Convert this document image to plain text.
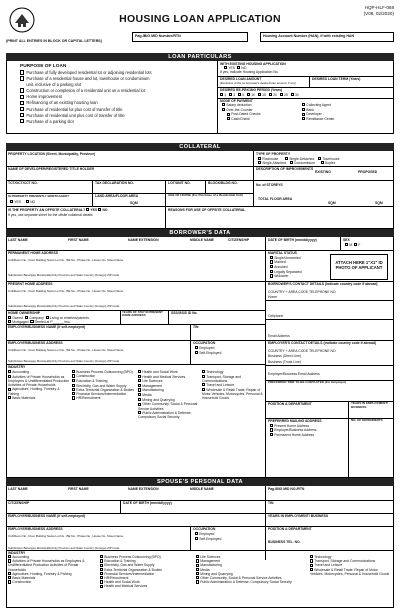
HOUSING LOAN APPLICATION
HQP-HLF-068
(V08, 02/2020)
(PRINT ALL ENTRIES IN BLOCK OR CAPITAL LETTERS)
Pag-IBIG MID Number/RTN	Housing Account Number (HAN), if with existing HAN
LOAN PARTICULARS
PURPOSE OF LOAN
Purchase of fully developed residential lot or adjoining residential lots
Purchase of a residential house and lot, townhouse or condominium
unit, inclusive of a parking slot
Construction or completion of a residential unit on a residential lot
Home improvement
Refinancing of an existing housing loan
Purchase of residential lot plus cost of transfer of title
Purchase of residential unit plus cost of transfer of title
Purchase of a parking slot
WITH EXISTING HOUSING APPLICATION
YES NO
If yes, indicate Housing Application No.
DESIRED LOAN AMOUNT
(Exclusive of the co-borrower's desired loan amount, if any)
DESIRED LOAN TERM (Years)
DESIRED RE-PRICING PERIOD (Years)
1 3 5 10 15 20 25 30
MODE OF PAYMENT
Salary deduction
Over-the-Counter
Post-Dated Checks
Cash/Check
Collecting Agent
Bank
Developer
Remittance Center
COLLATERAL
PROPERTY LOCATION (Street, Municipality, Province)	TYPE OF PROPERTY
Rowhouse	Single-Detached Townhouse
Single Attached Condominium	Duplex
NAME OF DEVELOPER/REGISTERED TITLE HOLDER	DESCRIPTION OF IMPROVEMENTS
EXISTING	PROPOSED
TCT/OCT/CCT NO.	TAX DECLARATION NO.	LOT/UNIT NO.	BLOCK/BLDG NO.	No. of STOREYS
IS PROPERTY PRESENTLY MORTGAGED?
YES	NO
LAND AREA/FLOOR AREA
SQM
AGE OF HOUSE (For Purchase of a Residential Unit)
TOTAL FLOOR AREA
SQM	SQM
IS THE PROPERTY AN OFFSITE COLLATERAL? YES NO
If yes, use separate sheet for the offsite collateral details
REASONS FOR USE OF OFFSITE COLLATERAL
BORROWER'S DATA
LAST NAME	FIRST NAME	NAME EXTENSION	MIDDLE NAME	CITIZENSHIP	DATE OF BIRTH (mm/dd/yyyy)	SEX
M F
PERMANENT HOME ADDRESS
Unit/Room No., Floor Building Name Lot No., Blk No., Phase No., House No. Street Name
Subdivision Barangay Municipality/City Province and State Country (Foreign) ZIP Code
MARITAL STATUS
Single/Unmarried
Married
Annulled
Legally Separated
Widow/er
ATTACH HERE 1"X1" ID PHOTO OF APPLICANT
PRESENT HOME ADDRESS
Unit/Room No., Floor Building Name Lot No., Blk No., Phase No., House No. Street Name
Subdivision Barangay Municipality/City Province and State Country (Foreign) ZIP Code
BORROWER'S CONTACT DETAILS (Indicate country code if abroad)
COUNTRY + AREA CODE TELEPHONE NO.
Home
Cellphone
Email Address
HOME OWNERSHIP
Owned Company Living w/ relatives/parents
Mortgaged Rented at P______/mo.
YEARS OF STAY IN PRESENT HOME ADDRESS
SSS/GSIS ID No.
EMPLOYER/BUSINESS NAME (If self-employed)	TIN
EMPLOYER/BUSINESS ADDRESS
Unit/Room No., Floor Building Name Lot No., Blk No., Phase No., House No. Street Name
Subdivision Barangay Municipality/City Province and State Country (Foreign) ZIP Code
OCCUPATION
Employed
Self-Employed
EMPLOYER'S CONTACT DETAILS (Indicate country code if abroad)
COUNTRY + AREA CODE TELEPHONE NO.
Business (Direct Line)
Business (Trunk Line)
Employer/Business Email Address
INDUSTRY
Accounting
Activities of Private Households as Employers & Undifferentiated Production Activities of Private Households
Agriculture, Hunting, Forestry & Fishing
Basic Materials
Business Process Outsourcing (BPO)
Construction
Education & Training
Electricity, Gas and Water Supply
Extra-Territorial Organization & Bodies
Financial Services/Intermediation
HR/Recruitment
Health and Social Work
Health and Medical Services
Life Sciences
Management
Manufacturing
Media
Mining and Quarrying
Other Community, Social & Personal Service Activities
Public Administration & Defense; Compulsory Social Security
Technology
Transport, Storage and Communications
Travel and Leisure
Wholesale & Retail Trade; Repair of Motor Vehicles, Motorcycles, Personal & Household Goods
PREFERRED TIME TO BE CONTACTED (For Employer)
POSITION & DEPARTMENT	YEARS IN EMPLOYMENT/ BUSINESS
PREFERRED MAILING ADDRESS
Present Home Address
Employer/Business Address
Permanent Home Address
NO. OF DEPENDENTS
SPOUSE'S PERSONAL DATA
LAST NAME	FIRST NAME	NAME EXTENSION	MIDDLE NAME	Pag-IBIG MID NO./RTN
CITIZENSHIP	DATE OF BIRTH (mm/dd/yyyy)	TIN
EMPLOYER/BUSINESS NAME (If self-employed)	YEARS IN EMPLOYMENT/ BUSINESS
EMPLOYER/BUSINESS ADDRESS
Unit/Room No., Floor Building Name Lot No., Blk No., Phase No., House No. Street Name
Subdivision Barangay Municipality/City Province and State Country (Foreign) ZIP Code
OCCUPATION
Employed
Self-Employed
POSITION & DEPARTMENT
BUSINESS TEL. NO.
INDUSTRY
Accounting
Activities of Private Households as Employers & Undifferentiated Production Activities of Private Households
Agriculture, Hunting, Forestry & Fishing
Basic Materials
Construction
Business Process Outsourcing (BPO)
Education & Training
Electricity, Gas and Water Supply
Extra-Territorial Organization & Bodies
Financial Services/Intermediation
HR/Recruitment
Health and Social Work
Health and Medical Services
Life Sciences
Management
Manufacturing
Media
Mining and Quarrying
Other Community, Social & Personal Service Activities
Public Administration & Defense; Compulsory Social Security
Technology
Transport, Storage and Communications
Travel and Leisure
Wholesale & Retail Trade; Repair of Motor Vehicles, Motorcycles, Personal & Household Goods
